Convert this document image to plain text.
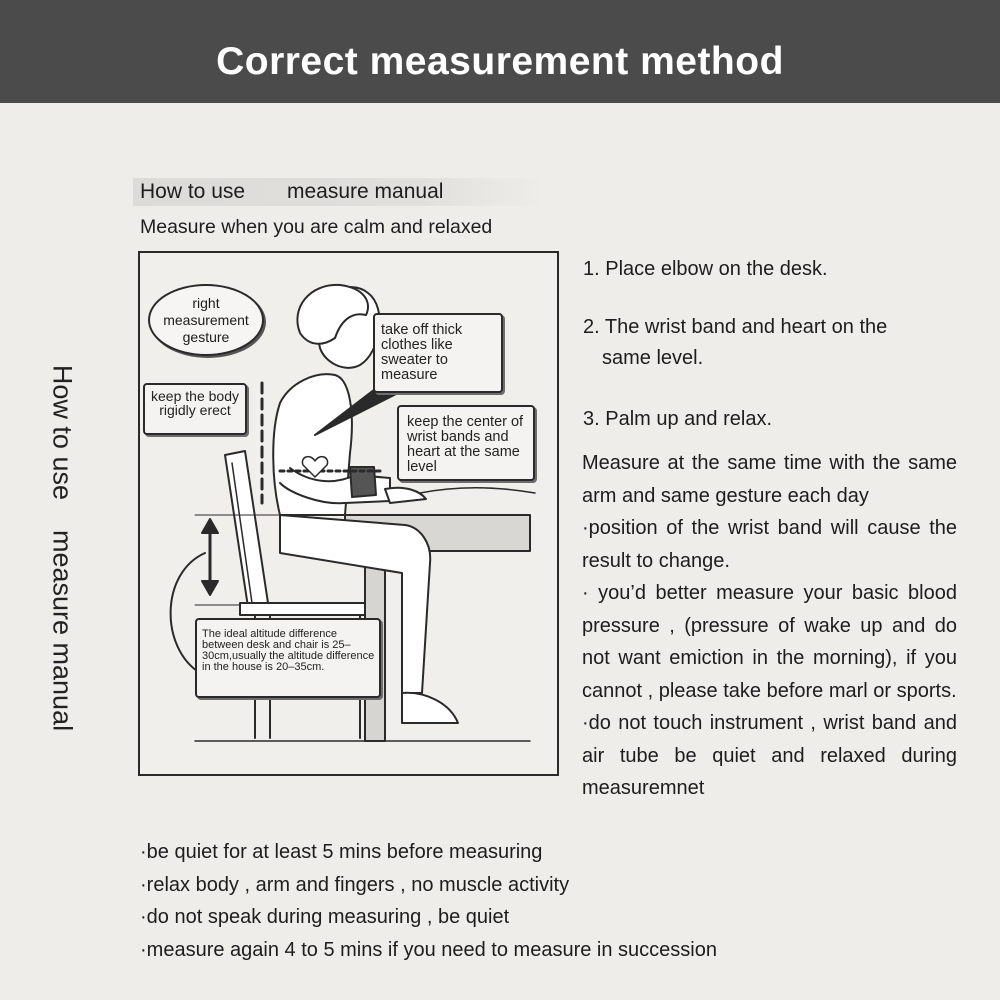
Correct measurement method
How to use    measure manual
How to use measure manual
Measure when you are calm and relaxed
right measurement gesture
keep the body rigidly erect
take off thick clothes like sweater to measure
keep the center of wrist bands and heart at the same level
The ideal altitude difference between desk and chair is 25–30cm,usually the altitude difference in the house is 20–35cm.
1. Place elbow on the desk.
2. The wrist band and heart on the
same level.
3. Palm up and relax.
Measure at the same time with the same arm and same gesture each day
·position of the wrist band will cause the result to change.
· you’d better measure your basic blood pressure , (pressure of wake up and do not want emiction in the morning), if you cannot , please take before marl or sports.
·do not touch instrument , wrist band and air tube be quiet and relaxed during measuremnet
·be quiet for at least 5 mins before measuring
·relax body , arm and fingers , no muscle activity
·do not speak during measuring , be quiet
·measure again 4 to 5 mins if you need to measure in succession
